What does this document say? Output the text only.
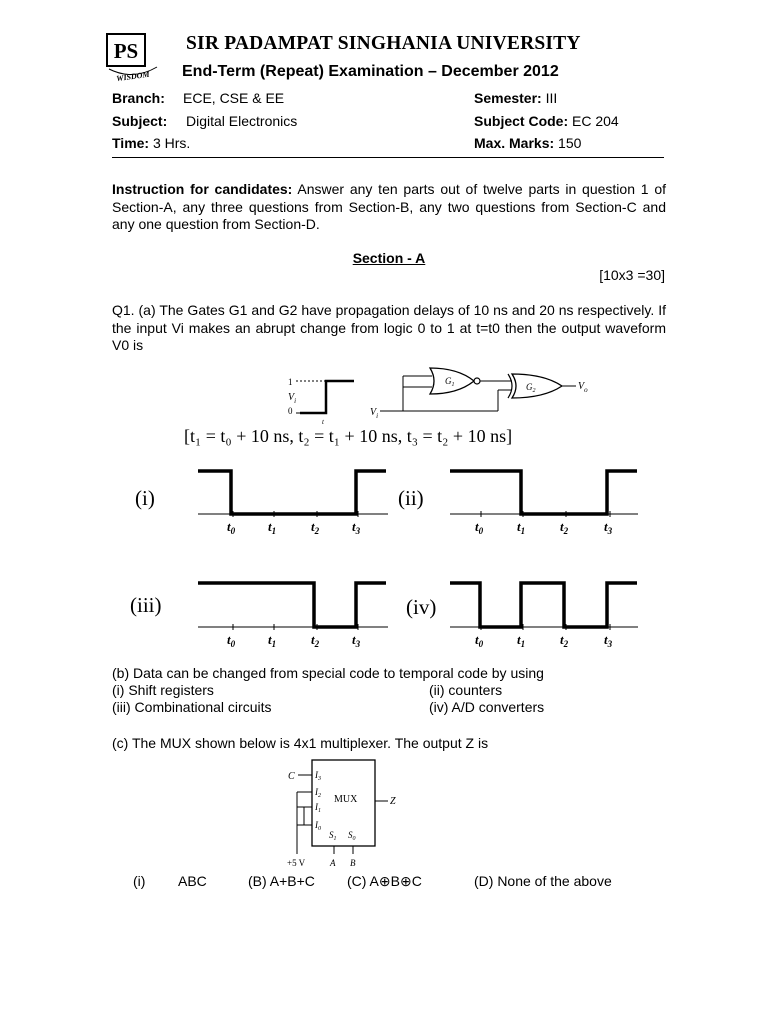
PS
WISDOM
SIR PADAMPAT SINGHANIA UNIVERSITY
End-Term (Repeat) Examination – December 2012
Branch: ECE, CSE & EE	Semester: III
Subject: Digital Electronics	Subject Code: EC 204
Time: 3 Hrs.	Max. Marks: 150
Instruction for candidates: Answer any ten parts out of twelve parts in question 1 of Section-A, any three questions from Section-B, any two questions from Section-C and any one question from Section-D.
Section - A
[10x3 =30]
Q1. (a) The Gates G1 and G2 have propagation delays of 10 ns and 20 ns respectively. If the input Vi makes an abrupt change from logic 0 to 1 at t=t0 then the output waveform V0 is
1
0
$V_i$
t
$V_i$
$G_1$	$G_2$	$V_o$
[t₁ = t₀ + 10 ns, t₂ = t₁ + 10 ns, t₃ = t₂ + 10 ns]
(i)	(ii)
(iii)	(iv)
$t_0$	$t_1$	$t_2$	$t_3$	$t_0$	$t_1$	$t_2$	$t_3$
$t_0$	$t_1$	$t_2$	$t_3$	$t_0$	$t_1$	$t_2$	$t_3$
(b) Data can be changed from special code to temporal code by using
(i) Shift registers	(ii) counters
(iii) Combinational circuits	(iv) A/D converters
(c) The MUX shown below is 4x1 multiplexer. The output Z is
MUX
C $I_3$
$I_2$
$I_1$
$I_0$
$S_1$ $S_0$
Z
+5 V	A B
(i) ABC	(B) A+B+C (C) A⊕B⊕C	(D) None of the above
